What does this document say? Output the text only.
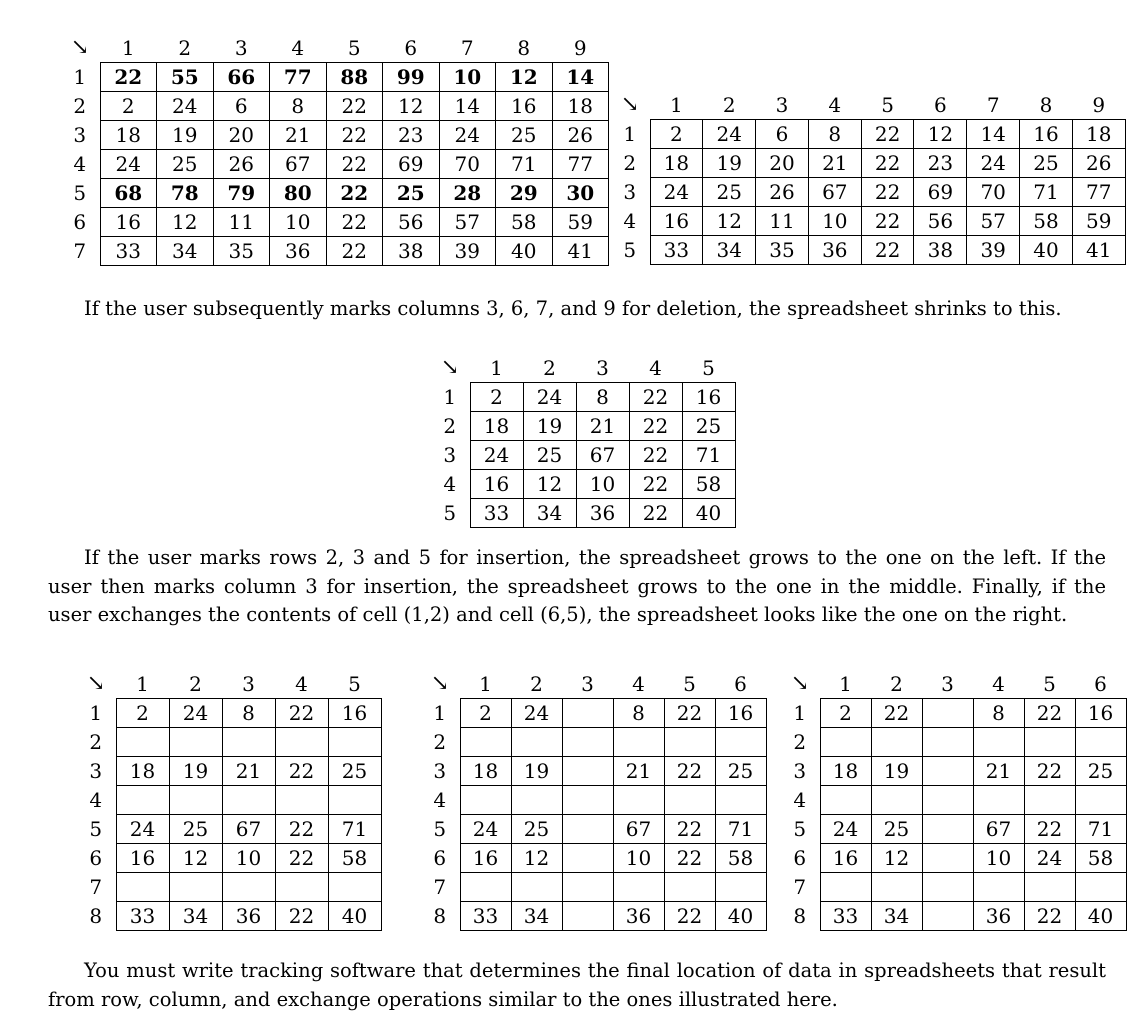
↘	1	2	3	4	5	6	7	8	9
1	22	55	66	77	88	99	10	12	14
2	2	24	6	8	22	12	14	16	18
3	18	19	20	21	22	23	24	25	26
4	24	25	26	67	22	69	70	71	77
5	68	78	79	80	22	25	28	29	30
6	16	12	11	10	22	56	57	58	59
7	33	34	35	36	22	38	39	40	41
↘	1	2	3	4	5	6	7	8	9
1	2	24	6	8	22	12	14	16	18
2	18	19	20	21	22	23	24	25	26
3	24	25	26	67	22	69	70	71	77
4	16	12	11	10	22	56	57	58	59
5	33	34	35	36	22	38	39	40	41

If the user subsequently marks columns 3, 6, 7, and 9 for deletion, the spreadsheet shrinks to this.

↘	1	2	3	4	5
1	2	24	8	22	16
2	18	19	21	22	25
3	24	25	67	22	71
4	16	12	10	22	58
5	33	34	36	22	40

If the user marks rows 2, 3 and 5 for insertion, the spreadsheet grows to the one on the left. If the user then marks column 3 for insertion, the spreadsheet grows to the one in the middle. Finally, if the user exchanges the contents of cell (1,2) and cell (6,5), the spreadsheet looks like the one on the right.

↘	1	2	3	4	5
1	2	24	8	22	16
2					
3	18	19	21	22	25
4					
5	24	25	67	22	71
6	16	12	10	22	58
7					
8	33	34	36	22	40
↘	1	2	3	4	5	6
1	2	24		8	22	16
2						
3	18	19		21	22	25
4						
5	24	25		67	22	71
6	16	12		10	22	58
7						
8	33	34		36	22	40
↘	1	2	3	4	5	6
1	2	22		8	22	16
2						
3	18	19		21	22	25
4						
5	24	25		67	22	71
6	16	12		10	24	58
7						
8	33	34		36	22	40

You must write tracking software that determines the final location of data in spreadsheets that result from row, column, and exchange operations similar to the ones illustrated here.
